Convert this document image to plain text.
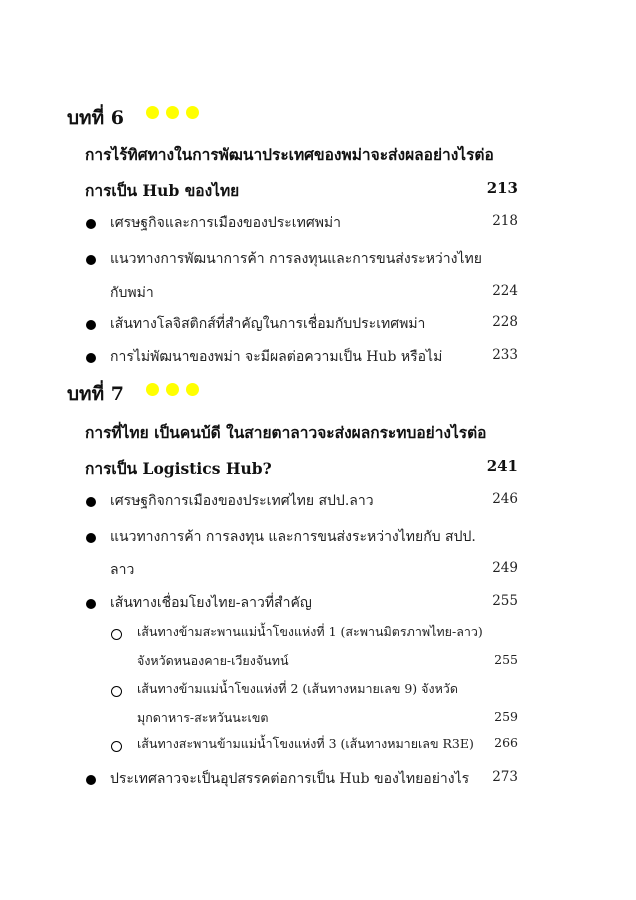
บทที่ 6
การไร้ทิศทางในการพัฒนาประเทศของพม่าจะส่งผลอย่างไรต่อ
การเป็น Hub ของไทย	213
เศรษฐกิจและการเมืองของประเทศพม่า	218
แนวทางการพัฒนาการค้า การลงทุนและการขนส่งระหว่างไทย
กับพม่า	224
เส้นทางโลจิสติกส์ที่สำคัญในการเชื่อมกับประเทศพม่า	228
การไม่พัฒนาของพม่า จะมีผลต่อความเป็น Hub หรือไม่	233
บทที่ 7
การที่ไทย เป็นคนบ้ดี ในสายตาลาวจะส่งผลกระทบอย่างไรต่อ
การเป็น Logistics Hub?	241
เศรษฐกิจการเมืองของประเทศไทย สปป.ลาว	246
แนวทางการค้า การลงทุน และการขนส่งระหว่างไทยกับ สปป.
ลาว	249
เส้นทางเชื่อมโยงไทย-ลาวที่สำคัญ	255
เส้นทางข้ามสะพานแม่น้ำโขงแห่งที่ 1 (สะพานมิตรภาพไทย-ลาว)
จังหวัดหนองคาย-เวียงจันทน์	255
เส้นทางข้ามแม่น้ำโขงแห่งที่ 2 (เส้นทางหมายเลข 9) จังหวัด
มุกดาหาร-สะหวันนะเขต	259
เส้นทางสะพานข้ามแม่น้ำโขงแห่งที่ 3 (เส้นทางหมายเลข R3E) 266
ประเทศลาวจะเป็นอุปสรรคต่อการเป็น Hub ของไทยอย่างไร 273
